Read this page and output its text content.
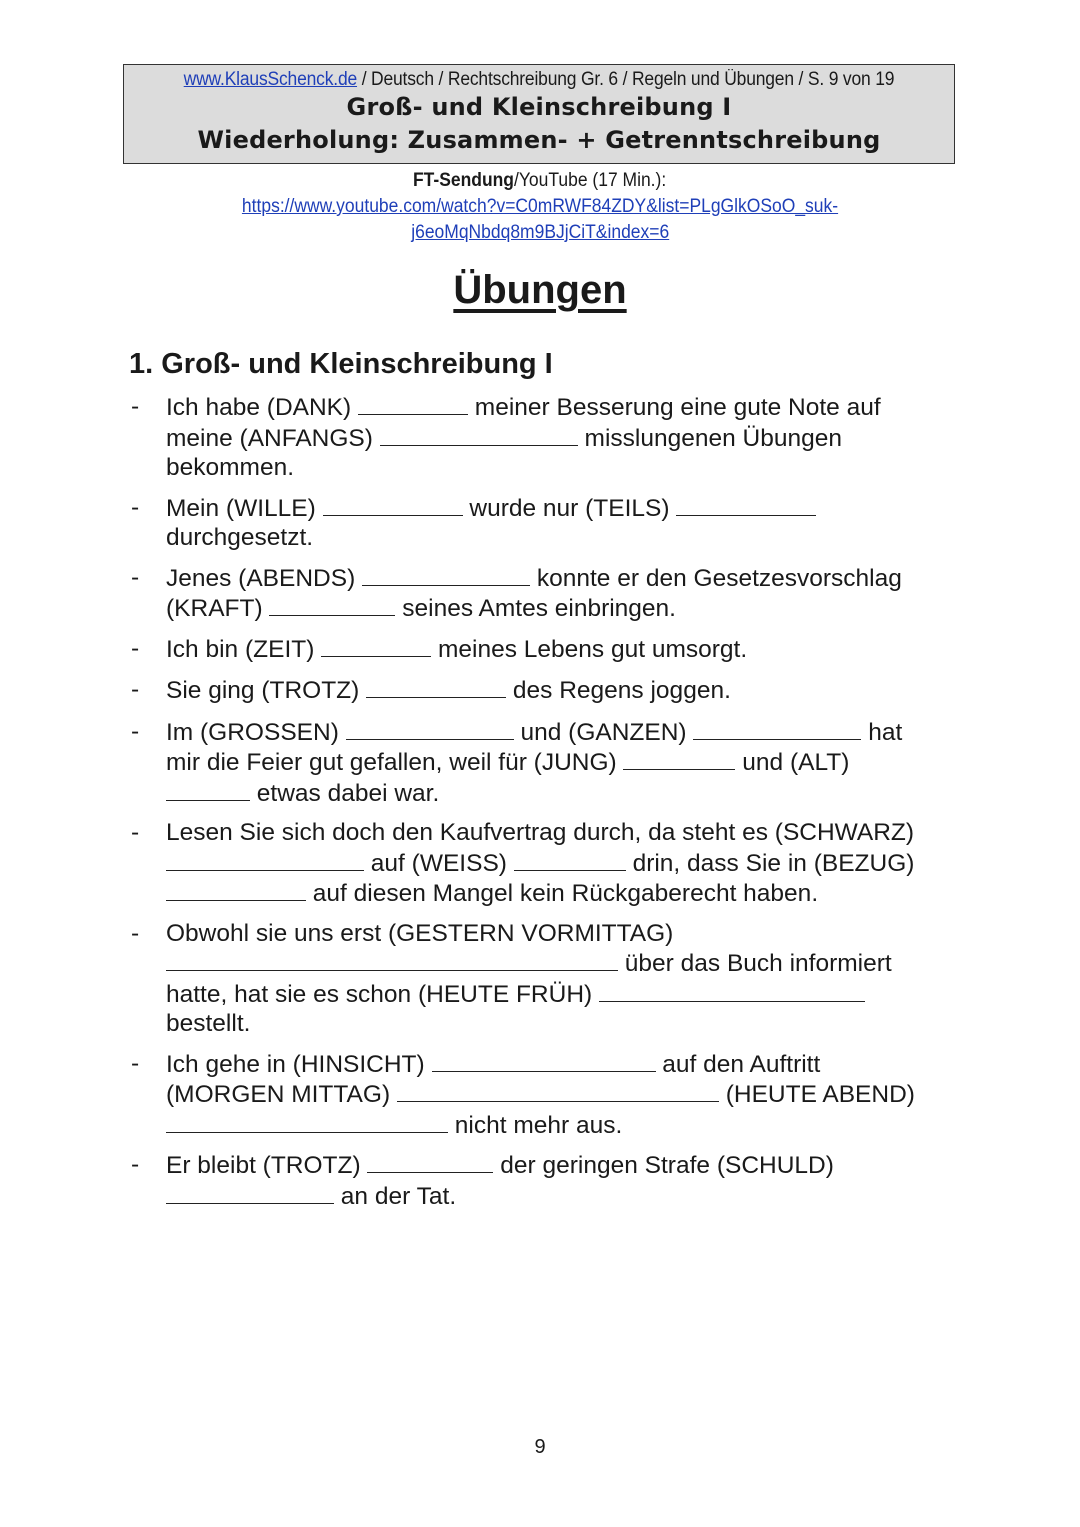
www.KlausSchenck.de / Deutsch / Rechtschreibung Gr. 6 / Regeln und Übungen / S. 9 von 19
Groß- und Kleinschreibung I
Wiederholung: Zusammen- + Getrenntschreibung
FT-Sendung/YouTube (17 Min.):
https://www.youtube.com/watch?v=C0mRWF84ZDY&list=PLgGlkOSoO_suk-
j6eoMqNbdq8m9BJjCiT&index=6
Übungen
1. Groß- und Kleinschreibung I

- Ich habe (DANK)	meiner Besserung eine gute Note auf

meine (ANFANGS)	misslungenen Übungen

bekommen.

- Mein (WILLE)	wurde nur (TEILS)

durchgesetzt.

- Jenes (ABENDS)	konnte er den Gesetzesvorschlag

(KRAFT)	seines Amtes einbringen.

- Ich bin (ZEIT)	meines Lebens gut umsorgt.

- Sie ging (TROTZ)	des Regens joggen.

- Im (GROSSEN)	und (GANZEN)	hat

mir die Feier gut gefallen, weil für (JUNG)	und (ALT)

etwas dabei war.

- Lesen Sie sich doch den Kaufvertrag durch, da steht es (SCHWARZ)

auf (WEISS)	drin, dass Sie in (BEZUG)

auf diesen Mangel kein Rückgaberecht haben.

- Obwohl sie uns erst (GESTERN VORMITTAG)

über das Buch informiert

hatte, hat sie es schon (HEUTE FRÜH)

bestellt.

- Ich gehe in (HINSICHT)	auf den Auftritt

(MORGEN MITTAG)	(HEUTE ABEND)

nicht mehr aus.

- Er bleibt (TROTZ)	der geringen Strafe (SCHULD)

an der Tat.

9
